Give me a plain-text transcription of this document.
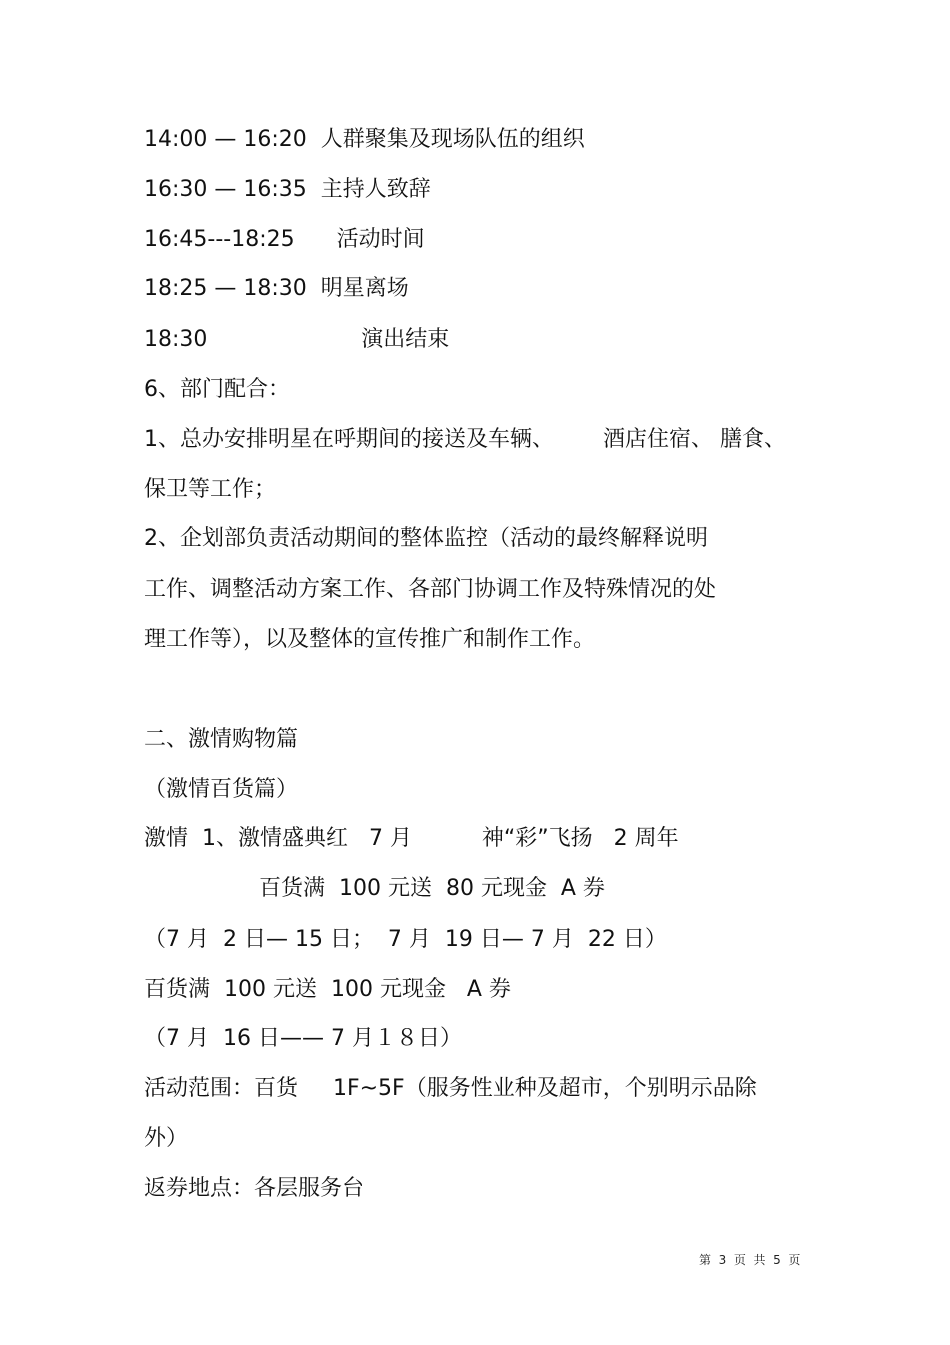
14:00 — 16:20  人群聚集及现场队伍的组织
16:30 — 16:35  主持人致辞
16:45---18:25      活动时间
18:25 — 18:30  明星离场
18:30                      演出结束
6、部门配合：
1、总办安排明星在呼期间的接送及车辆、       酒店住宿、 膳食、
保卫等工作；
2、企划部负责活动期间的整体监控（活动的最终解释说明
工作、调整活动方案工作、各部门协调工作及特殊情况的处
理工作等），以及整体的宣传推广和制作工作。
二、激情购物篇
（激情百货篇）
激情  1、激情盛典红   7 月          神“彩”飞扬   2 周年
百货满  100 元送  80 元现金  A 券
（7 月  2 日— 15 日；  7 月  19 日— 7 月  22 日）
百货满  100 元送  100 元现金   A 券
（7 月  16 日—— 7 月１８日）
活动范围：百货     1F~5F（服务性业种及超市，个别明示品除
外）
返券地点：各层服务台
第  3  页  共  5  页
